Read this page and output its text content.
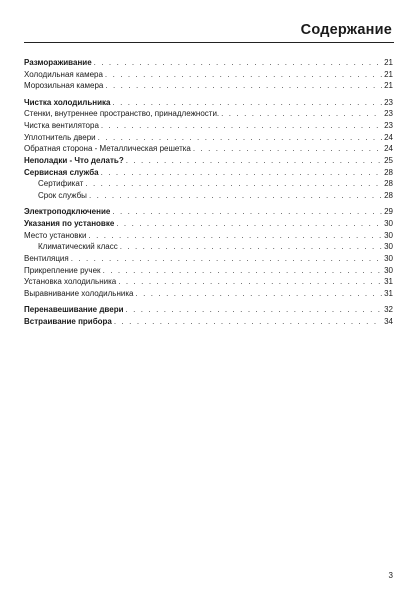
Содержание
Размораживание . . .	21
Холодильная камера . . .	21
Морозильная камера . . .	21
Чистка холодильника . . .	23
Стенки, внутреннее пространство, принадлежности. . . .	23
Чистка вентилятора . . .	23
Уплотнитель двери . . .	24
Обратная сторона - Металлическая решетка . . .	24
Неполадки - Что делать? . . .	25
Сервисная служба . . .	28
Сертификат . . .	28
Срок службы . . .	28
Электроподключение . . .	29
Указания по установке . . .	30
Место установки . . .	30
Климатический класс . . .	30
Вентиляция . . .	30
Прикрепление ручек . . .	30
Установка холодильника . . .	31
Выравнивание холодильника . . .	31
Перенавешивание двери . . .	32
Встраивание прибора . . .	34
3
